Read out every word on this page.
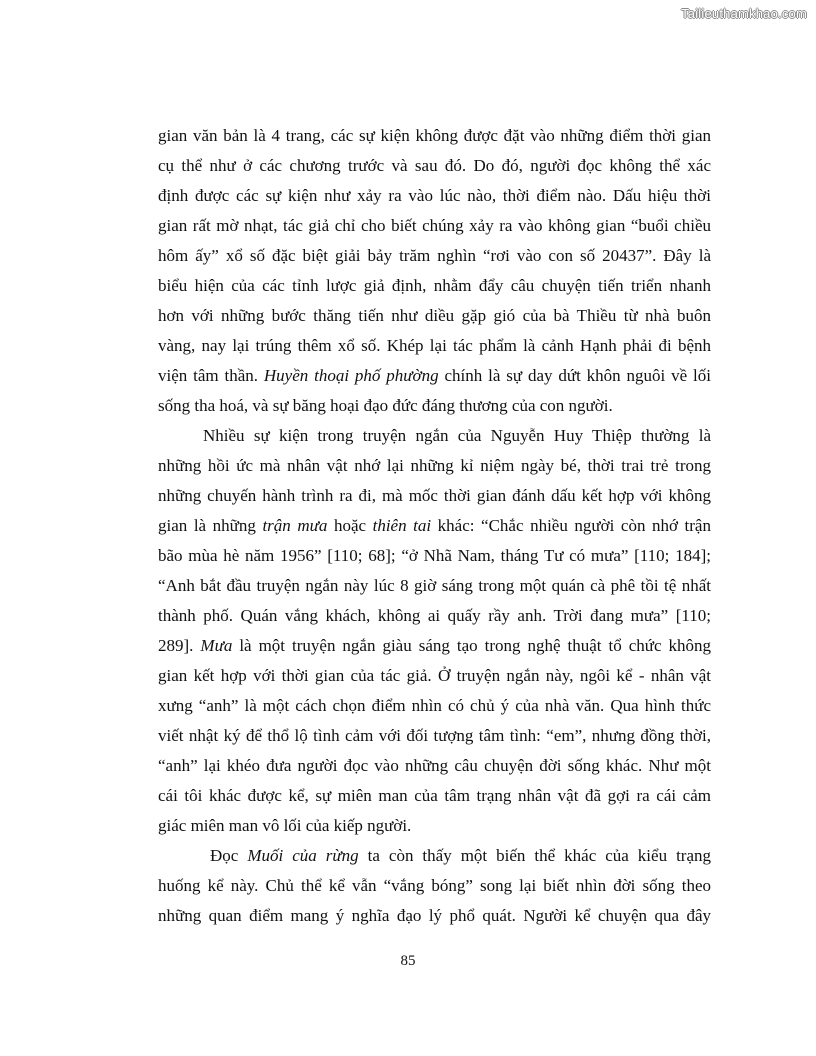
Tailieuthamkhao.com
gian văn bản là 4 trang, các sự kiện không được đặt vào những điểm thời gian
cụ thể như ở các chương trước và sau đó. Do đó, người đọc không thể xác
định được các sự kiện như xảy ra vào lúc nào, thời điểm nào. Dấu hiệu thời
gian rất mờ nhạt, tác giả chỉ cho biết chúng xảy ra vào không gian “buổi chiều
hôm ấy” xổ số đặc biệt giải bảy trăm nghìn “rơi vào con số 20437”. Đây là
biểu hiện của các tỉnh lược giả định, nhằm đẩy câu chuyện tiến triển nhanh
hơn với những bước thăng tiến như diều gặp gió của bà Thiều từ nhà buôn
vàng, nay lại trúng thêm xổ số. Khép lại tác phẩm là cảnh Hạnh phải đi bệnh
viện tâm thần. Huyền thoại phố phường chính là sự day dứt khôn nguôi về lối
sống tha hoá, và sự băng hoại đạo đức đáng thương của con người.
Nhiều sự kiện trong truyện ngắn của Nguyễn Huy Thiệp thường là
những hồi ức mà nhân vật nhớ lại những kỉ niệm ngày bé, thời trai trẻ trong
những chuyến hành trình ra đi, mà mốc thời gian đánh dấu kết hợp với không
gian là những trận mưa hoặc thiên tai khác: “Chắc nhiều người còn nhớ trận
bão mùa hè năm 1956” [110; 68]; “ở Nhã Nam, tháng Tư có mưa” [110; 184];
“Anh bắt đầu truyện ngắn này lúc 8 giờ sáng trong một quán cà phê tồi tệ nhất
thành phố. Quán vắng khách, không ai quấy rầy anh. Trời đang mưa” [110;
289]. Mưa là một truyện ngắn giàu sáng tạo trong nghệ thuật tổ chức không
gian kết hợp với thời gian của tác giả. Ở truyện ngắn này, ngôi kể - nhân vật
xưng “anh” là một cách chọn điểm nhìn có chủ ý của nhà văn. Qua hình thức
viết nhật ký để thổ lộ tình cảm với đối tượng tâm tình: “em”, nhưng đồng thời,
“anh” lại khéo đưa người đọc vào những câu chuyện đời sống khác. Như một
cái tôi khác được kể, sự miên man của tâm trạng nhân vật đã gợi ra cái cảm
giác miên man vô lối của kiếp người.
Đọc Muối của rừng ta còn thấy một biến thể khác của kiểu trạng
huống kể này. Chủ thể kể vẫn “vắng bóng” song lại biết nhìn đời sống theo
những quan điểm mang ý nghĩa đạo lý phổ quát. Người kể chuyện qua đây
85
